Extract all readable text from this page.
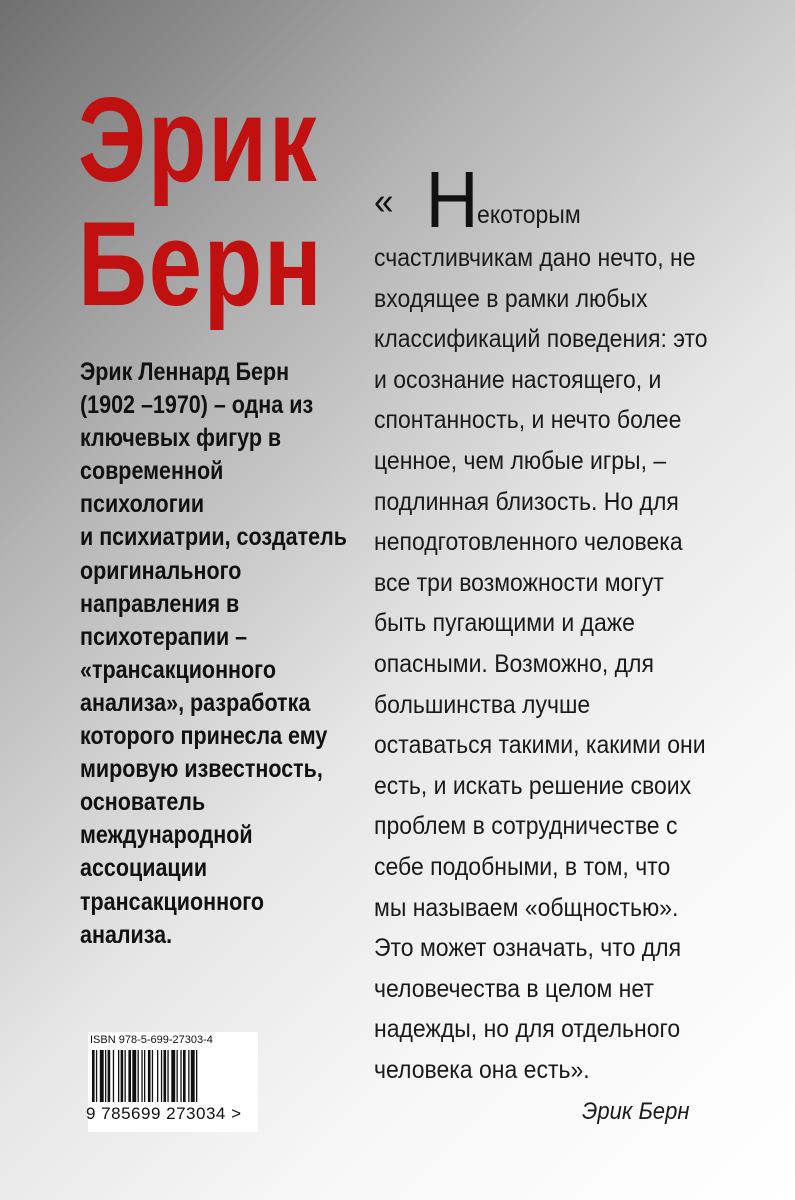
Эрик
Берн

Эрик Леннард Берн
(1902 –1970) – одна из
ключевых фигур в
современной
психологии
и психиатрии, создатель
оригинального
направления в
психотерапии –
«трансакционного
анализа», разработка
которого принесла ему
мировую известность,
основатель
международной
ассоциации
трансакционного
анализа.

« Н
екоторым
счастливчикам дано нечто, не
входящее в рамки любых
классификаций поведения: это
и осознание настоящего, и
спонтанность, и нечто более
ценное, чем любые игры, –
подлинная близость. Но для
неподготовленного человека
все три возможности могут
быть пугающими и даже
опасными. Возможно, для
большинства лучше
оставаться такими, какими они
есть, и искать решение своих
проблем в сотрудничестве с
себе подобными, в том, что
мы называем «общностью».
Это может означать, что для
человечества в целом нет
надежды, но для отдельного
человека она есть».
Эрик Берн
ISBN 978-5-699-27303-4
9 785699 273034 >
